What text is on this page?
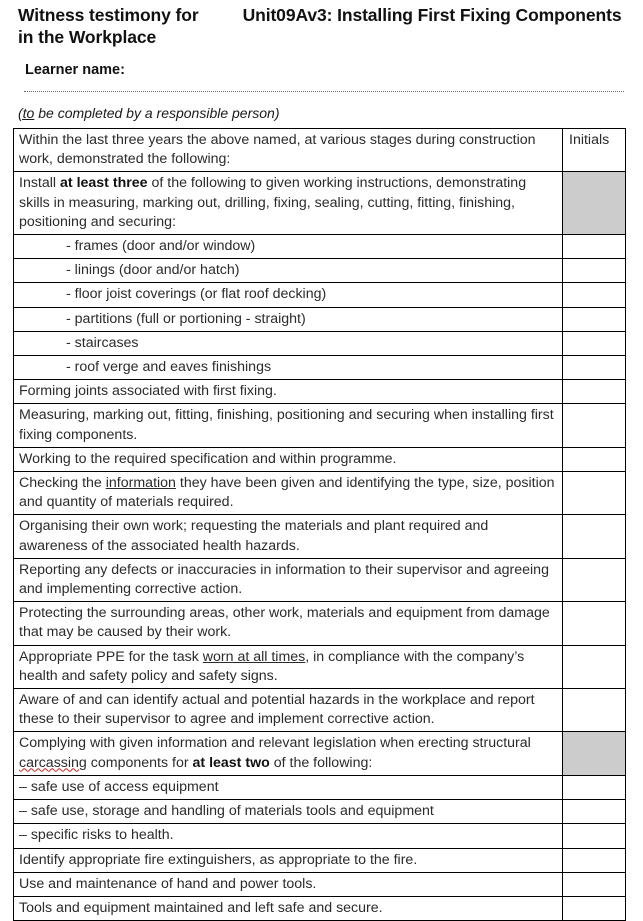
Witness testimony for	Unit09Av3: Installing First Fixing Components in the Workplace
Learner name:
(to be completed by a responsible person)
Within the last three years the above named, at various stages during construction work, demonstrated the following:	Initials
Install at least three of the following to given working instructions, demonstrating skills in measuring, marking out, drilling, fixing, sealing, cutting, fitting, finishing, positioning and securing:	
- frames (door and/or window)	
- linings (door and/or hatch)	
- floor joist coverings (or flat roof decking)	
- partitions (full or portioning - straight)	
- staircases	
- roof verge and eaves finishings	
Forming joints associated with first fixing.	
Measuring, marking out, fitting, finishing, positioning and securing when installing first fixing components.	
Working to the required specification and within programme.	
Checking the information they have been given and identifying the type, size, position and quantity of materials required.	
Organising their own work; requesting the materials and plant required and awareness of the associated health hazards.	
Reporting any defects or inaccuracies in information to their supervisor and agreeing and implementing corrective action.	
Protecting the surrounding areas, other work, materials and equipment from damage that may be caused by their work.	
Appropriate PPE for the task worn at all times, in compliance with the company’s health and safety policy and safety signs.	
Aware of and can identify actual and potential hazards in the workplace and report these to their supervisor to agree and implement corrective action.	
Complying with given information and relevant legislation when erecting structural carcassing components for at least two of the following:	
– safe use of access equipment	
– safe use, storage and handling of materials tools and equipment	
– specific risks to health.	
Identify appropriate fire extinguishers, as appropriate to the fire.	
Use and maintenance of hand and power tools.	
Tools and equipment maintained and left safe and secure.	
